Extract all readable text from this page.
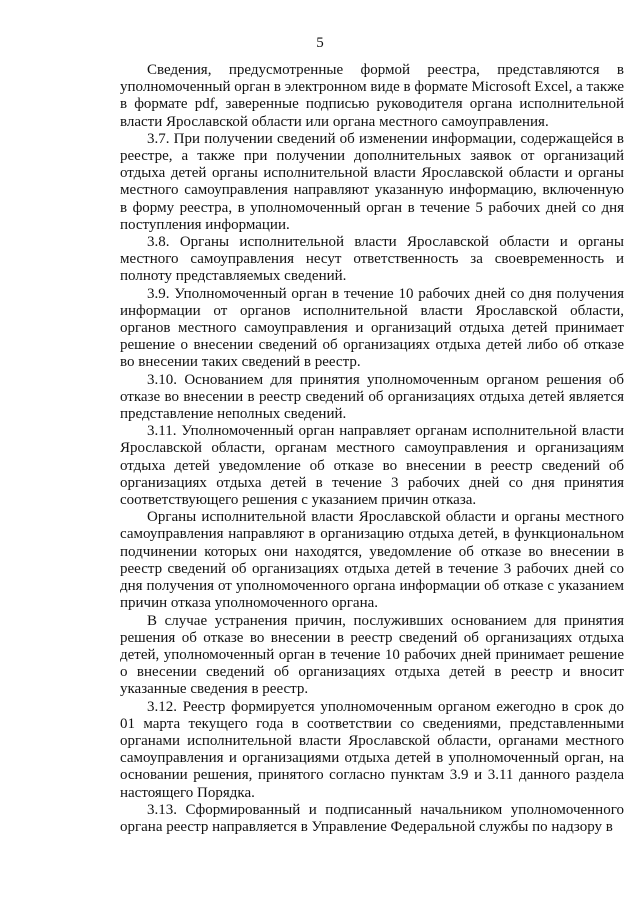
5

Сведения, предусмотренные формой реестра, представляются в уполномоченный орган в электронном виде в формате Microsoft Excel, а также в формате pdf, заверенные подписью руководителя органа исполнительной власти Ярославской области или органа местного самоуправления.

3.7. При получении сведений об изменении информации, содержащейся в реестре, а также при получении дополнительных заявок от организаций отдыха детей органы исполнительной власти Ярославской области и органы местного самоуправления направляют указанную информацию, включенную в форму реестра, в уполномоченный орган в течение 5 рабочих дней со дня поступления информации.

3.8. Органы исполнительной власти Ярославской области и органы местного самоуправления несут ответственность за своевременность и полноту представляемых сведений.

3.9. Уполномоченный орган в течение 10 рабочих дней со дня получения информации от органов исполнительной власти Ярославской области, органов местного самоуправления и организаций отдыха детей принимает решение о внесении сведений об организациях отдыха детей либо об отказе во внесении таких сведений в реестр.

3.10. Основанием для принятия уполномоченным органом решения об отказе во внесении в реестр сведений об организациях отдыха детей является представление неполных сведений.

3.11. Уполномоченный орган направляет органам исполнительной власти Ярославской области, органам местного самоуправления и организациям отдыха детей уведомление об отказе во внесении в реестр сведений об организациях отдыха детей в течение 3 рабочих дней со дня принятия соответствующего решения с указанием причин отказа.

Органы исполнительной власти Ярославской области и органы местного самоуправления направляют в организацию отдыха детей, в функциональном подчинении которых они находятся, уведомление об отказе во внесении в реестр сведений об организациях отдыха детей в течение 3 рабочих дней со дня получения от уполномоченного органа информации об отказе с указанием причин отказа уполномоченного органа.

В случае устранения причин, послуживших основанием для принятия решения об отказе во внесении в реестр сведений об организациях отдыха детей, уполномоченный орган в течение 10 рабочих дней принимает решение о внесении сведений об организациях отдыха детей в реестр и вносит указанные сведения в реестр.

3.12. Реестр формируется уполномоченным органом ежегодно в срок до 01 марта текущего года в соответствии со сведениями, представленными органами исполнительной власти Ярославской области, органами местного самоуправления и организациями отдыха детей в уполномоченный орган, на основании решения, принятого согласно пунктам 3.9 и 3.11 данного раздела настоящего Порядка.

3.13. Сформированный и подписанный начальником уполномоченного органа реестр направляется в Управление Федеральной службы по надзору в
